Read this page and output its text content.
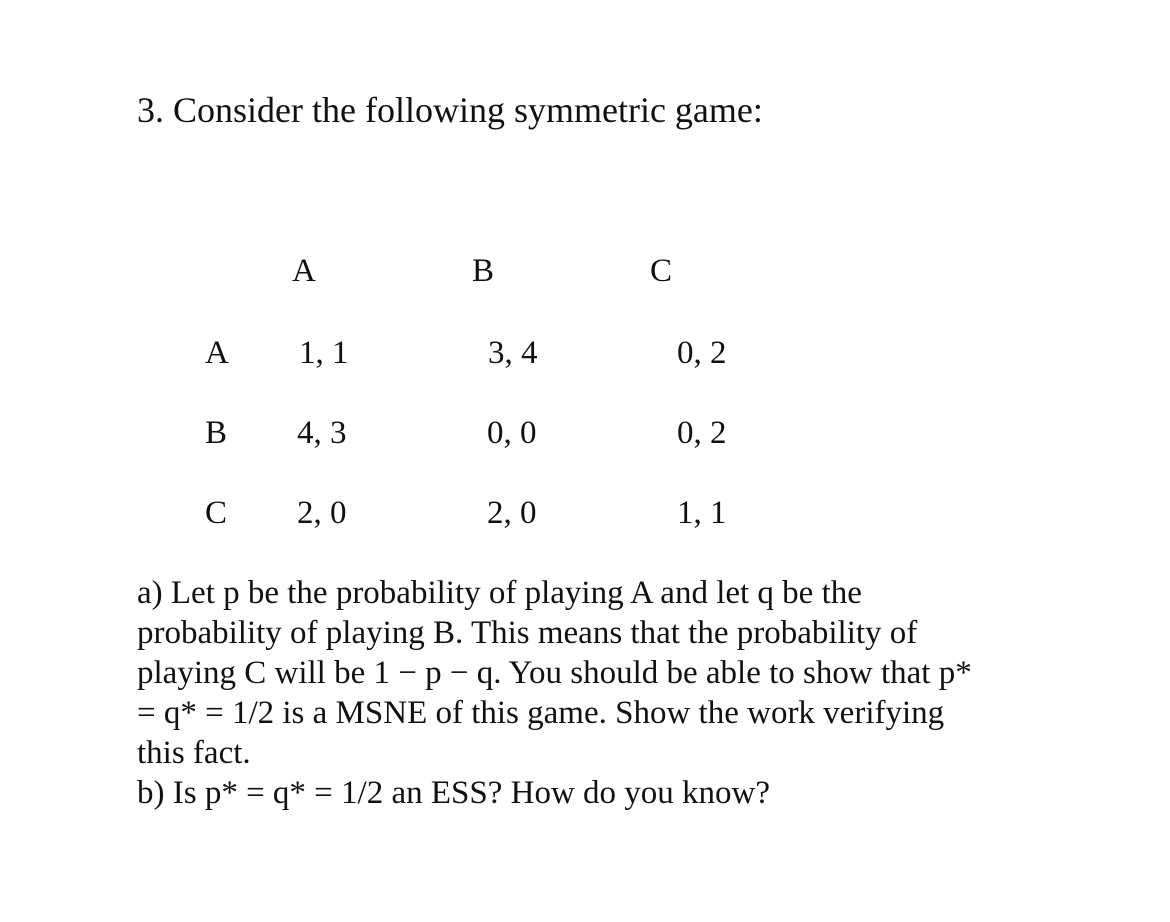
3. Consider the following symmetric game:
A	B	C
A 1, 1	3, 4	0, 2
B 4, 3	0, 0	0, 2
C 2, 0	2, 0	1, 1
a) Let p be the probability of playing A and let q be the
probability of playing B. This means that the probability of
playing C will be 1 − p − q. You should be able to show that p*
= q* = 1/2 is a MSNE of this game. Show the work verifying
this fact.
b) Is p* = q* = 1/2 an ESS? How do you know?
